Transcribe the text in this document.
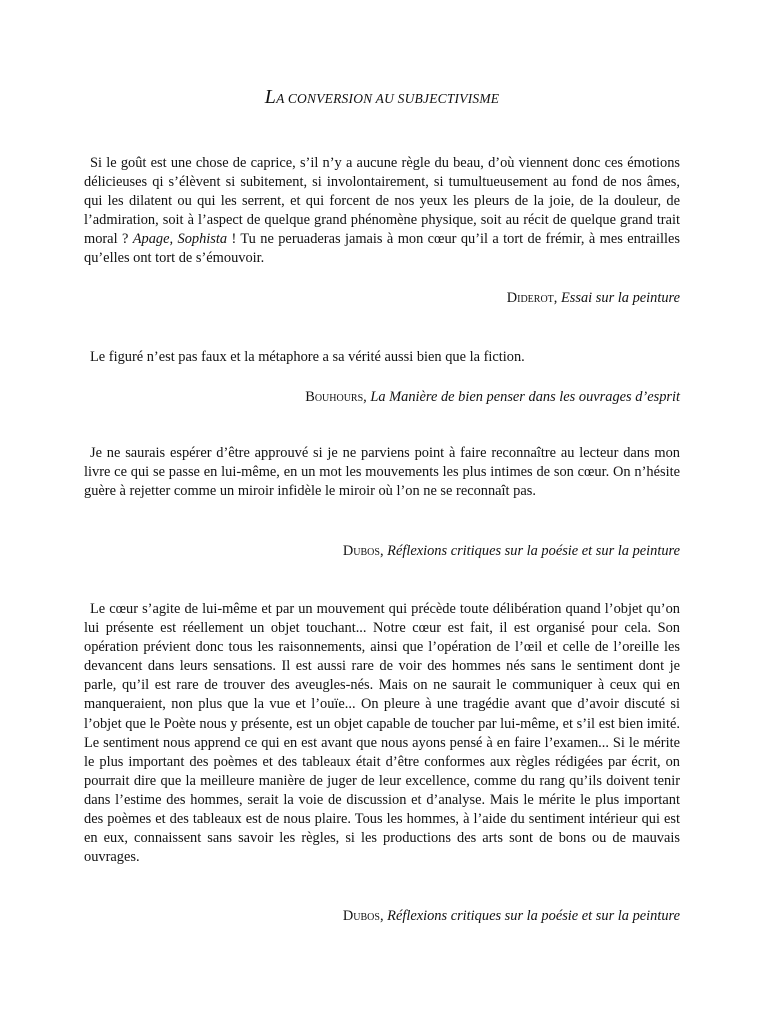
LA CONVERSION AU SUBJECTIVISME

Si le goût est une chose de caprice, s’il n’y a aucune règle du beau, d’où viennent donc ces émotions délicieuses qi s’élèvent si subitement, si involontairement, si tumultueusement au fond de nos âmes, qui les dilatent ou qui les serrent, et qui forcent de nos yeux les pleurs de la joie, de la douleur, de l’admiration, soit à l’aspect de quelque grand phénomène physique, soit au récit de quelque grand trait moral ? Apage, Sophista ! Tu ne peruaderas jamais à mon cœur qu’il a tort de frémir, à mes entrailles qu’elles ont tort de s’émouvoir.

Diderot, Essai sur la peinture

Le figuré n’est pas faux et la métaphore a sa vérité aussi bien que la fiction.

Bouhours, La Manière de bien penser dans les ouvrages d’esprit

Je ne saurais espérer d’être approuvé si je ne parviens point à faire reconnaître au lecteur dans mon livre ce qui se passe en lui-même, en un mot les mouvements les plus intimes de son cœur. On n’hésite guère à rejetter comme un miroir infidèle le miroir où l’on ne se reconnaît pas.

Dubos, Réflexions critiques sur la poésie et sur la peinture

Le cœur s’agite de lui-même et par un mouvement qui précède toute délibération quand l’objet qu’on lui présente est réellement un objet touchant... Notre cœur est fait, il est organisé pour cela. Son opération prévient donc tous les raisonnements, ainsi que l’opération de l’œil et celle de l’oreille les devancent dans leurs sensations. Il est aussi rare de voir des hommes nés sans le sentiment dont je parle, qu’il est rare de trouver des aveugles-nés. Mais on ne saurait le communiquer à ceux qui en manqueraient, non plus que la vue et l’ouïe... On pleure à une tragédie avant que d’avoir discuté si l’objet que le Poète nous y présente, est un objet capable de toucher par lui-même, et s’il est bien imité. Le sentiment nous apprend ce qui en est avant que nous ayons pensé à en faire l’examen... Si le mérite le plus important des poèmes et des tableaux était d’être conformes aux règles rédigées par écrit, on pourrait dire que la meilleure manière de juger de leur excellence, comme du rang qu’ils doivent tenir dans l’estime des hommes, serait la voie de discussion et d’analyse. Mais le mérite le plus important des poèmes et des tableaux est de nous plaire. Tous les hommes, à l’aide du sentiment intérieur qui est en eux, connaissent sans savoir les règles, si les productions des arts sont de bons ou de mauvais ouvrages.

Dubos, Réflexions critiques sur la poésie et sur la peinture
